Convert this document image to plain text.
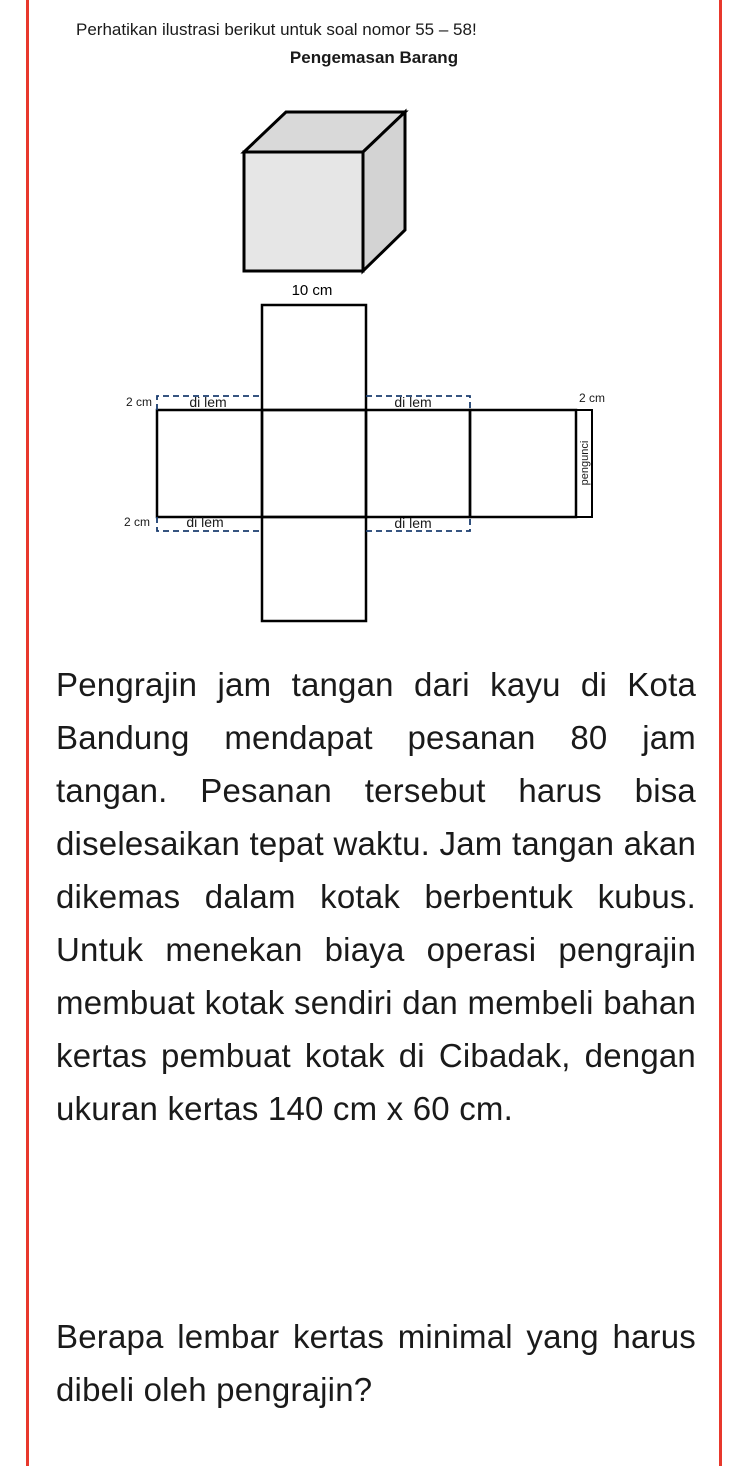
Perhatikan ilustrasi berikut untuk soal nomor 55 – 58!

Pengemasan Barang

10 cm
di lem	di lem
di lem	di lem
2 cm
2 cm
2 cm
pengunci

Pengrajin jam tangan dari kayu di Kota Bandung mendapat pesanan 80 jam tangan. Pesanan tersebut harus bisa diselesaikan tepat waktu. Jam tangan akan dikemas dalam kotak berbentuk kubus. Untuk menekan biaya operasi pengrajin membuat kotak sendiri dan membeli bahan kertas pembuat kotak di Cibadak, dengan ukuran kertas 140 cm x 60 cm.

Berapa lembar kertas minimal yang harus dibeli oleh pengrajin?
